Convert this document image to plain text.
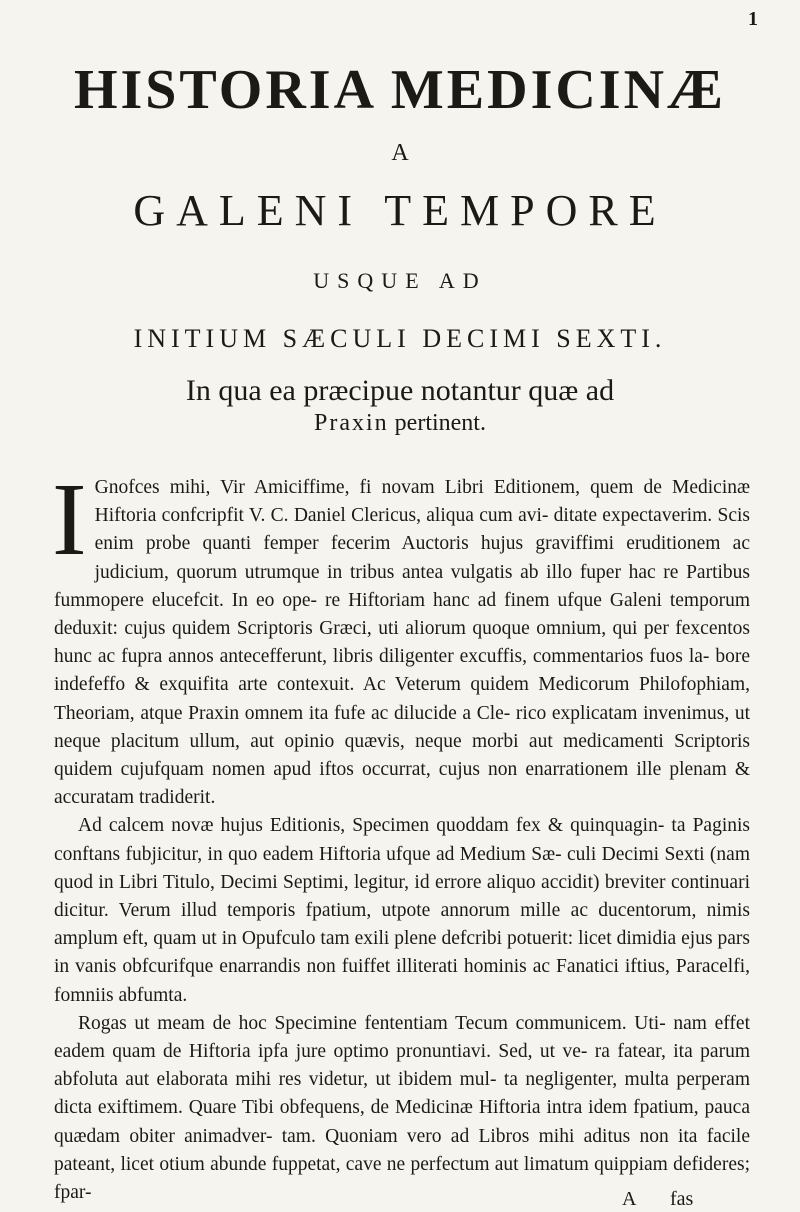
1
HISTORIA MEDICINÆ
A
GALENI TEMPORE
USQUE AD
INITIUM SÆCULI DECIMI SEXTI.
In qua ea præcipue notantur quæ ad
Praxin pertinent.

I Gnofces mihi, Vir Amiciffime, fi novam Libri Editionem, quem de Medicinæ Hiftoria confcripfit V. C. Daniel Clericus, aliqua cum avi- ditate expectaverim. Scis enim probe quanti femper fecerim Auctoris hujus graviffimi eruditionem ac judicium, quorum utrumque in tribus antea vulgatis ab illo fuper hac re Partibus fummopere elucefcit. In eo ope- re Hiftoriam hanc ad finem ufque Galeni temporum deduxit: cujus quidem Scriptoris Græci, uti aliorum quoque omnium, qui per fexcentos hunc ac fupra annos antecefferunt, libris diligenter excuffis, commentarios fuos la- bore indefeffo & exquifita arte contexuit. Ac Veterum quidem Medicorum Philofophiam, Theoriam, atque Praxin omnem ita fufe ac dilucide a Cle- rico explicatam invenimus, ut neque placitum ullum, aut opinio quævis, neque morbi aut medicamenti Scriptoris quidem cujufquam nomen apud iftos occurrat, cujus non enarrationem ille plenam & accuratam tradiderit.

Ad calcem novæ hujus Editionis, Specimen quoddam fex & quinquagin- ta Paginis conftans fubjicitur, in quo eadem Hiftoria ufque ad Medium Sæ- culi Decimi Sexti (nam quod in Libri Titulo, Decimi Septimi, legitur, id errore aliquo accidit) breviter continuari dicitur. Verum illud temporis fpatium, utpote annorum mille ac ducentorum, nimis amplum eft, quam ut in Opufculo tam exili plene defcribi potuerit: licet dimidia ejus pars in vanis obfcurifque enarrandis non fuiffet illiterati hominis ac Fanatici iftius, Paracelfi, fomniis abfumta.

Rogas ut meam de hoc Specimine fententiam Tecum communicem. Uti- nam effet eadem quam de Hiftoria ipfa jure optimo pronuntiavi. Sed, ut ve- ra fatear, ita parum abfoluta aut elaborata mihi res videtur, ut ibidem mul- ta negligenter, multa perperam dicta exiftimem. Quare Tibi obfequens, de Medicinæ Hiftoria intra idem fpatium, pauca quædam obiter animadver- tam. Quoniam vero ad Libros mihi aditus non ita facile pateant, licet otium abunde fuppetat, cave ne perfectum aut limatum quippiam defideres; fpar-	A fas
